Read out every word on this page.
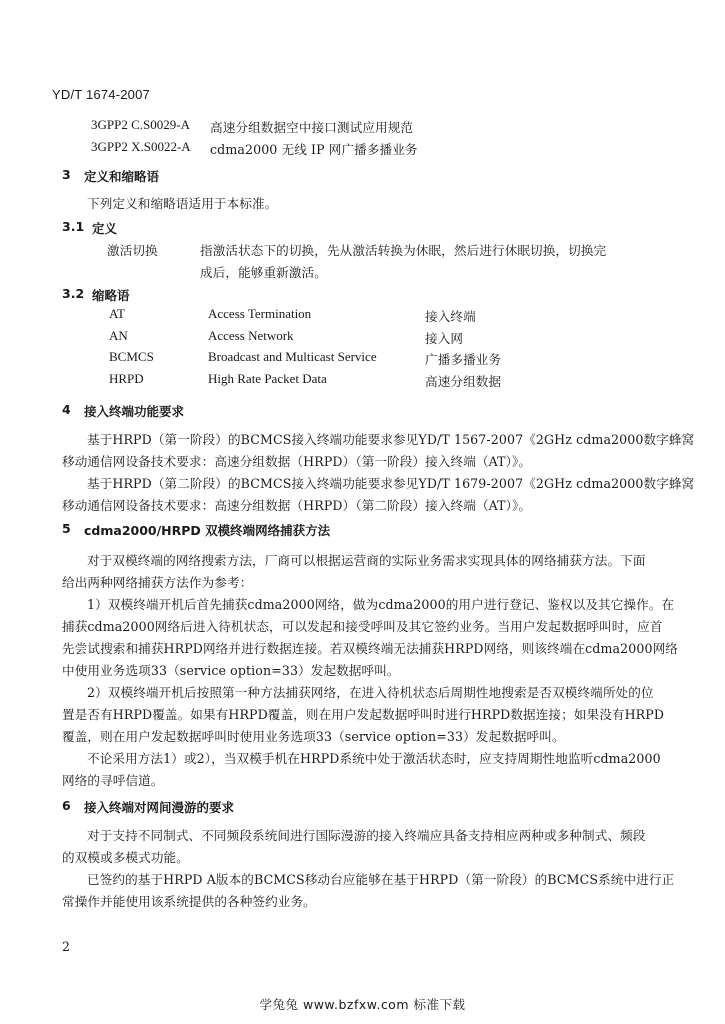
YD/T 1674-2007
3GPP2 C.S0029-A 高速分组数据空中接口测试应用规范
3GPP2 X.S0022-A cdma2000 无线 IP 网广播多播业务
3 定义和缩略语
下列定义和缩略语适用于本标准。
3.1 定义
激活切换	指激活状态下的切换，先从激活转换为休眠，然后进行休眠切换，切换完
成后，能够重新激活。
3.2 缩略语
AT	Access Termination	接入终端
AN	Access Network	接入网
BCMCS	Broadcast and Multicast Service	广播多播业务
HRPD	High Rate Packet Data	高速分组数据
4 接入终端功能要求
基于HRPD（第一阶段）的BCMCS接入终端功能要求参见YD/T 1567-2007《2GHz cdma2000数字蜂窝
移动通信网设备技术要求：高速分组数据（HRPD）（第一阶段）接入终端（AT）》。
基于HRPD（第二阶段）的BCMCS接入终端功能要求参见YD/T 1679-2007《2GHz cdma2000数字蜂窝
移动通信网设备技术要求：高速分组数据（HRPD）（第二阶段）接入终端（AT）》。
5 cdma2000/HRPD 双模终端网络捕获方法
对于双模终端的网络搜索方法，厂商可以根据运营商的实际业务需求实现具体的网络捕获方法。下面
给出两种网络捕获方法作为参考：
1）双模终端开机后首先捕获cdma2000网络，做为cdma2000的用户进行登记、鉴权以及其它操作。在
捕获cdma2000网络后进入待机状态，可以发起和接受呼叫及其它签约业务。当用户发起数据呼叫时，应首
先尝试搜索和捕获HRPD网络并进行数据连接。若双模终端无法捕获HRPD网络，则该终端在cdma2000网络
中使用业务选项33（service option=33）发起数据呼叫。
2）双模终端开机后按照第一种方法捕获网络，在进入待机状态后周期性地搜索是否双模终端所处的位
置是否有HRPD覆盖。如果有HRPD覆盖，则在用户发起数据呼叫时进行HRPD数据连接；如果没有HRPD
覆盖，则在用户发起数据呼叫时使用业务选项33（service option=33）发起数据呼叫。
不论采用方法1）或2），当双模手机在HRPD系统中处于激活状态时，应支持周期性地监听cdma2000
网络的寻呼信道。
6 接入终端对网间漫游的要求
对于支持不同制式、不同频段系统间进行国际漫游的接入终端应具备支持相应两种或多种制式、频段
的双模或多模式功能。
已签约的基于HRPD A版本的BCMCS移动台应能够在基于HRPD（第一阶段）的BCMCS系统中进行正
常操作并能使用该系统提供的各种签约业务。
2
学兔兔 www.bzfxw.com 标准下载
